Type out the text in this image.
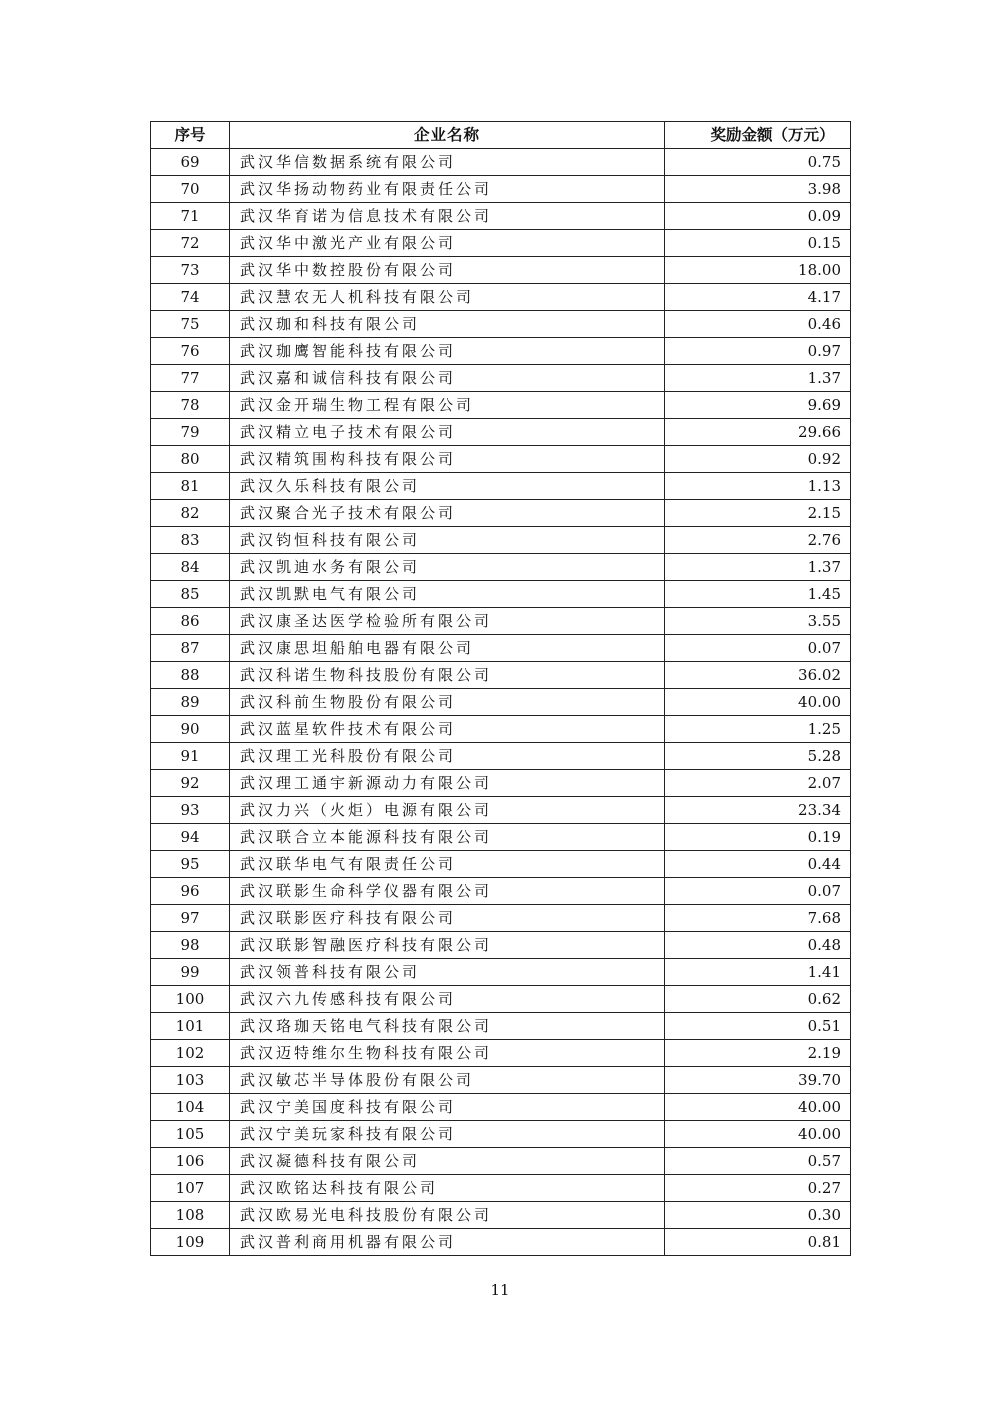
序号	企业名称	奖励金额（万元）
69	武汉华信数据系统有限公司	0.75
70	武汉华扬动物药业有限责任公司	3.98
71	武汉华育诺为信息技术有限公司	0.09
72	武汉华中激光产业有限公司	0.15
73	武汉华中数控股份有限公司	18.00
74	武汉慧农无人机科技有限公司	4.17
75	武汉珈和科技有限公司	0.46
76	武汉珈鹰智能科技有限公司	0.97
77	武汉嘉和诚信科技有限公司	1.37
78	武汉金开瑞生物工程有限公司	9.69
79	武汉精立电子技术有限公司	29.66
80	武汉精筑围构科技有限公司	0.92
81	武汉久乐科技有限公司	1.13
82	武汉聚合光子技术有限公司	2.15
83	武汉钧恒科技有限公司	2.76
84	武汉凯迪水务有限公司	1.37
85	武汉凯默电气有限公司	1.45
86	武汉康圣达医学检验所有限公司	3.55
87	武汉康思坦船舶电器有限公司	0.07
88	武汉科诺生物科技股份有限公司	36.02
89	武汉科前生物股份有限公司	40.00
90	武汉蓝星软件技术有限公司	1.25
91	武汉理工光科股份有限公司	5.28
92	武汉理工通宇新源动力有限公司	2.07
93	武汉力兴（火炬）电源有限公司	23.34
94	武汉联合立本能源科技有限公司	0.19
95	武汉联华电气有限责任公司	0.44
96	武汉联影生命科学仪器有限公司	0.07
97	武汉联影医疗科技有限公司	7.68
98	武汉联影智融医疗科技有限公司	0.48
99	武汉领普科技有限公司	1.41
100	武汉六九传感科技有限公司	0.62
101	武汉珞珈天铭电气科技有限公司	0.51
102	武汉迈特维尔生物科技有限公司	2.19
103	武汉敏芯半导体股份有限公司	39.70
104	武汉宁美国度科技有限公司	40.00
105	武汉宁美玩家科技有限公司	40.00
106	武汉凝德科技有限公司	0.57
107	武汉欧铭达科技有限公司	0.27
108	武汉欧易光电科技股份有限公司	0.30
109	武汉普利商用机器有限公司	0.81
11
